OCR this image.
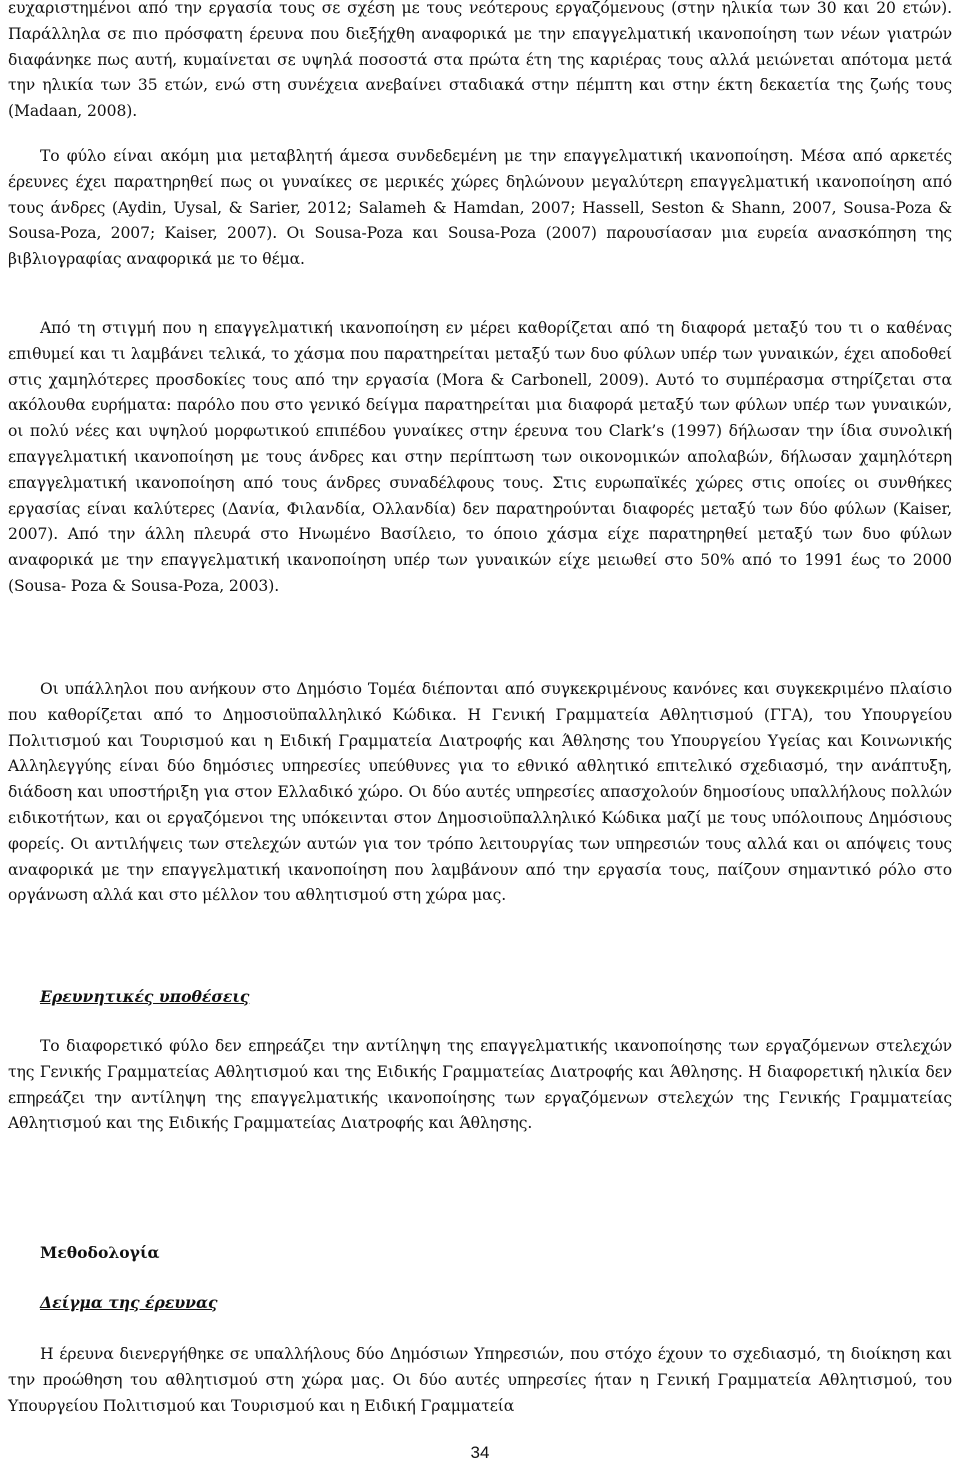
ευχαριστημένοι από την εργασία τους σε σχέση με τους νεότερους εργαζόμενους (στην ηλικία των 30 και 20 ετών). Παράλληλα σε πιο πρόσφατη έρευνα που διεξήχθη αναφορικά με την επαγγελματική ικανοποίηση των νέων γιατρών διαφάνηκε πως αυτή, κυμαίνεται σε υψηλά ποσοστά στα πρώτα έτη της καριέρας τους αλλά μειώνεται απότομα μετά την ηλικία των 35 ετών, ενώ στη συνέχεια ανεβαίνει σταδιακά στην πέμπτη και στην έκτη δεκαετία της ζωής τους (Madaan, 2008).

Το φύλο είναι ακόμη μια μεταβλητή άμεσα συνδεδεμένη με την επαγγελματική ικανοποίηση. Μέσα από αρκετές έρευνες έχει παρατηρηθεί πως οι γυναίκες σε μερικές χώρες δηλώνουν μεγαλύτερη επαγγελματική ικανοποίηση από τους άνδρες (Aydin, Uysal, & Sarier, 2012; Salameh & Hamdan, 2007; Hassell, Seston & Shann, 2007, Sousa-Poza & Sousa-Poza, 2007; Kaiser, 2007). Οι Sousa-Poza και Sousa-Poza (2007) παρουσίασαν μια ευρεία ανασκόπηση της βιβλιογραφίας αναφορικά με το θέμα.

Από τη στιγμή που η επαγγελματική ικανοποίηση εν μέρει καθορίζεται από τη διαφορά μεταξύ του τι ο καθένας επιθυμεί και τι λαμβάνει τελικά, το χάσμα που παρατηρείται μεταξύ των δυο φύλων υπέρ των γυναικών, έχει αποδοθεί στις χαμηλότερες προσδοκίες τους από την εργασία (Mora & Carbonell, 2009). Αυτό το συμπέρασμα στηρίζεται στα ακόλουθα ευρήματα: παρόλο που στο γενικό δείγμα παρατηρείται μια διαφορά μεταξύ των φύλων υπέρ των γυναικών, οι πολύ νέες και υψηλού μορφωτικού επιπέδου γυναίκες στην έρευνα του Clark’s (1997) δήλωσαν την ίδια συνολική επαγγελματική ικανοποίηση με τους άνδρες και στην περίπτωση των οικονομικών απολαβών, δήλωσαν χαμηλότερη επαγγελματική ικανοποίηση από τους άνδρες συναδέλφους τους. Στις ευρωπαϊκές χώρες στις οποίες οι συνθήκες εργασίας είναι καλύτερες (Δανία, Φιλανδία, Ολλανδία) δεν παρατηρούνται διαφορές μεταξύ των δύο φύλων (Kaiser, 2007). Από την άλλη πλευρά στο Ηνωμένο Βασίλειο, το όποιο χάσμα είχε παρατηρηθεί μεταξύ των δυο φύλων αναφορικά με την επαγγελματική ικανοποίηση υπέρ των γυναικών είχε μειωθεί στο 50% από το 1991 έως το 2000 (Sousa- Poza & Sousa-Poza, 2003).

Οι υπάλληλοι που ανήκουν στο Δημόσιο Τομέα διέπονται από συγκεκριμένους κανόνες και συγκεκριμένο πλαίσιο που καθορίζεται από το Δημοσιοϋπαλληλικό Κώδικα. Η Γενική Γραμματεία Αθλητισμού (ΓΓΑ), του Υπουργείου Πολιτισμού και Τουρισμού και η Ειδική Γραμματεία Διατροφής και Άθλησης του Υπουργείου Υγείας και Κοινωνικής Αλληλεγγύης είναι δύο δημόσιες υπηρεσίες υπεύθυνες για το εθνικό αθλητικό επιτελικό σχεδιασμό, την ανάπτυξη, διάδοση και υποστήριξη για στον Ελλαδικό χώρο. Οι δύο αυτές υπηρεσίες απασχολούν δημοσίους υπαλλήλους πολλών ειδικοτήτων, και οι εργαζόμενοι της υπόκεινται στον Δημοσιοϋπαλληλικό Κώδικα μαζί με τους υπόλοιπους Δημόσιους φορείς. Οι αντιλήψεις των στελεχών αυτών για τον τρόπο λειτουργίας των υπηρεσιών τους αλλά και οι απόψεις τους αναφορικά με την επαγγελματική ικανοποίηση που λαμβάνουν από την εργασία τους, παίζουν σημαντικό ρόλο στο οργάνωση αλλά και στο μέλλον του αθλητισμού στη χώρα μας.

Ερευνητικές υποθέσεις

Το διαφορετικό φύλο δεν επηρεάζει την αντίληψη της επαγγελματικής ικανοποίησης των εργαζόμενων στελεχών της Γενικής Γραμματείας Αθλητισμού και της Ειδικής Γραμματείας Διατροφής και Άθλησης. Η διαφορετική ηλικία δεν επηρεάζει την αντίληψη της επαγγελματικής ικανοποίησης των εργαζόμενων στελεχών της Γενικής Γραμματείας Αθλητισμού και της Ειδικής Γραμματείας Διατροφής και Άθλησης.

Μεθοδολογία
Δείγμα της έρευνας

Η έρευνα διενεργήθηκε σε υπαλλήλους δύο Δημόσιων Υπηρεσιών, που στόχο έχουν το σχεδιασμό, τη διοίκηση και την προώθηση του αθλητισμού στη χώρα μας. Οι δύο αυτές υπηρεσίες ήταν η Γενική Γραμματεία Αθλητισμού, του Υπουργείου Πολιτισμού και Τουρισμού και η Ειδική Γραμματεία

34
